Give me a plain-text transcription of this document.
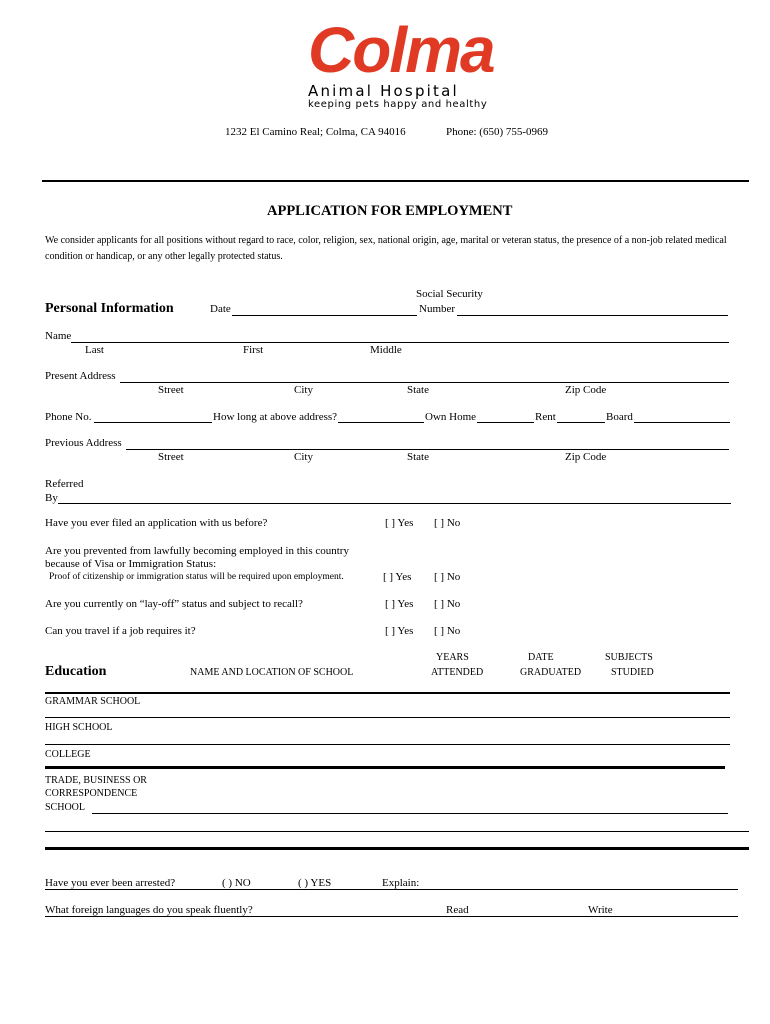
Colma
Animal Hospital
keeping pets happy and healthy
1232 El Camino Real; Colma, CA 94016	Phone: (650) 755-0969
APPLICATION FOR EMPLOYMENT
We consider applicants for all positions without regard to race, color, religion, sex, national origin, age, marital or veteran status, the presence of a non-job related medical condition or handicap, or any other legally protected status.
Personal Information	Date
Social Security
Number
Name
Last	First	Middle
Present Address
Street	City	State	Zip Code
Phone No.	How long at above address?	Own Home	Rent	Board
Previous Address
Street	City	State	Zip Code
Referred
By
Have you ever filed an application with us before?	[ ] Yes [ ] No
Are you prevented from lawfully becoming employed in this country
because of Visa or Immigration Status:
Proof of citizenship or immigration status will be required upon employment.	[ ] Yes [ ] No
Are you currently on “lay-off” status and subject to recall?	[ ] Yes [ ] No
Can you travel if a job requires it?	[ ] Yes [ ] No
Education	NAME AND LOCATION OF SCHOOL
YEARS
ATTENDED
DATE
GRADUATED
SUBJECTS
STUDIED
GRAMMAR SCHOOL
HIGH SCHOOL
COLLEGE
TRADE, BUSINESS OR
CORRESPONDENCE
SCHOOL
Have you ever been arrested?	( ) NO	( ) YES	Explain:
What foreign languages do you speak fluently?	Read	Write
